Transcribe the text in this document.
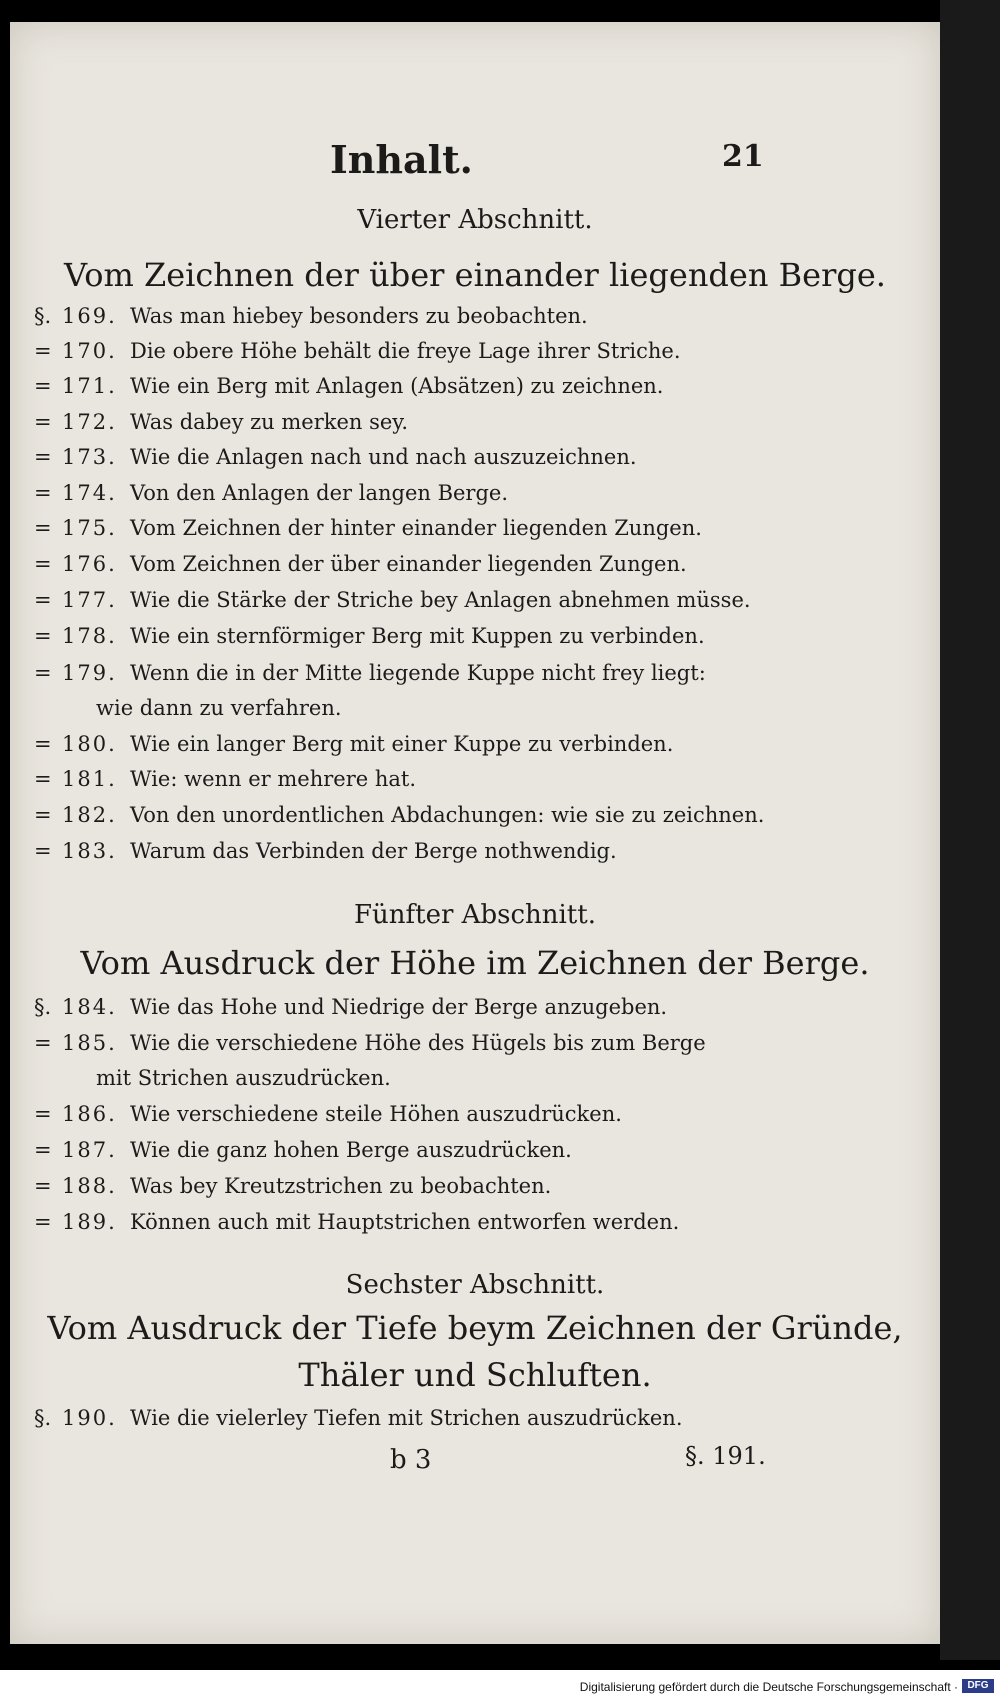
Inhalt.	21
Vierter Abschnitt.
Vom Zeichnen der über einander liegenden Berge.
§. 169. Was man hiebey besonders zu beobachten.
= 170. Die obere Höhe behält die freye Lage ihrer Striche.
= 171. Wie ein Berg mit Anlagen (Absätzen) zu zeichnen.
= 172. Was dabey zu merken sey.
= 173. Wie die Anlagen nach und nach auszuzeichnen.
= 174. Von den Anlagen der langen Berge.
= 175. Vom Zeichnen der hinter einander liegenden Zungen.
= 176. Vom Zeichnen der über einander liegenden Zungen.
= 177. Wie die Stärke der Striche bey Anlagen abnehmen müsse.
= 178. Wie ein sternförmiger Berg mit Kuppen zu verbinden.
= 179. Wenn die in der Mitte liegende Kuppe nicht frey liegt:
wie dann zu verfahren.
= 180. Wie ein langer Berg mit einer Kuppe zu verbinden.
= 181. Wie: wenn er mehrere hat.
= 182. Von den unordentlichen Abdachungen: wie sie zu zeichnen.
= 183. Warum das Verbinden der Berge nothwendig.
Fünfter Abschnitt.
Vom Ausdruck der Höhe im Zeichnen der Berge.
§. 184. Wie das Hohe und Niedrige der Berge anzugeben.
= 185. Wie die verschiedene Höhe des Hügels bis zum Berge
mit Strichen auszudrücken.
= 186. Wie verschiedene steile Höhen auszudrücken.
= 187. Wie die ganz hohen Berge auszudrücken.
= 188. Was bey Kreutzstrichen zu beobachten.
= 189. Können auch mit Hauptstrichen entworfen werden.
Sechster Abschnitt.
Vom Ausdruck der Tiefe beym Zeichnen der Gründe,
Thäler und Schluften.
§. 190. Wie die vielerley Tiefen mit Strichen auszudrücken.
b 3	§. 191.
Digitalisierung gefördert durch die Deutsche Forschungsgemeinschaft · DFG
